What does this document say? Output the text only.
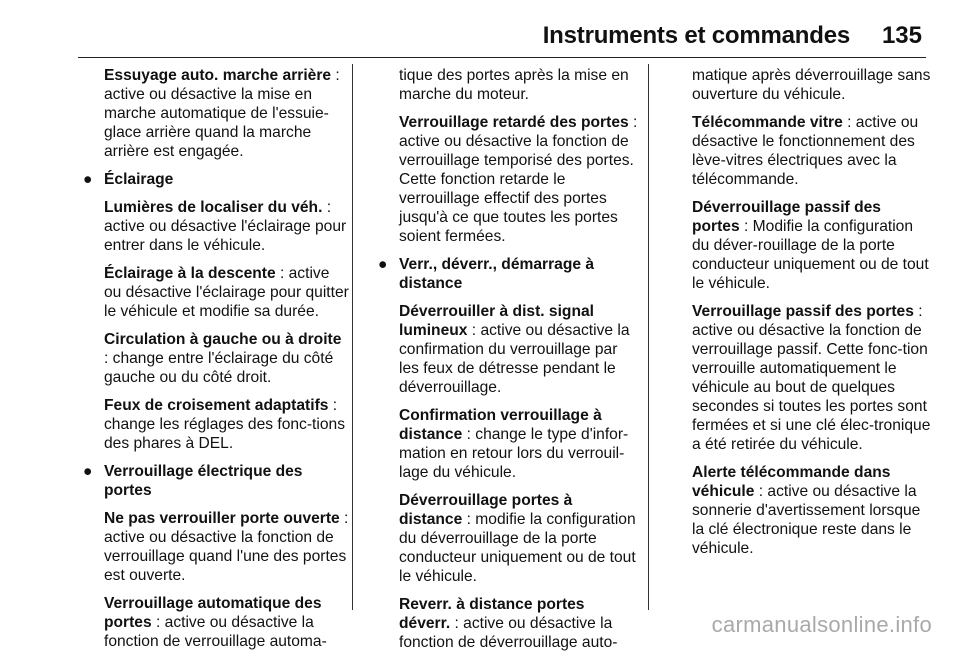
Instruments et commandes 135

Essuyage auto. marche arrière : active ou désactive la mise en marche automatique de l'essuie-glace arrière quand la marche arrière est engagée.

● Éclairage

Lumières de localiser du véh. : active ou désactive l'éclairage pour entrer dans le véhicule.

Éclairage à la descente : active ou désactive l'éclairage pour quitter le véhicule et modifie sa durée.

Circulation à gauche ou à droite : change entre l'éclairage du côté gauche ou du côté droit.

Feux de croisement adaptatifs : change les réglages des fonc-tions des phares à DEL.

● Verrouillage électrique des portes

Ne pas verrouiller porte ouverte : active ou désactive la fonction de verrouillage quand l'une des portes est ouverte.

Verrouillage automatique des portes : active ou désactive la fonction de verrouillage automa-

tique des portes après la mise en marche du moteur.

Verrouillage retardé des portes : active ou désactive la fonction de verrouillage temporisé des portes. Cette fonction retarde le verrouillage effectif des portes jusqu'à ce que toutes les portes soient fermées.

● Verr., déverr., démarrage à distance

Déverrouiller à dist. signal lumineux : active ou désactive la confirmation du verrouillage par les feux de détresse pendant le déverrouillage.

Confirmation verrouillage à distance : change le type d'infor-mation en retour lors du verrouil-lage du véhicule.

Déverrouillage portes à distance : modifie la configuration du déverrouillage de la porte conducteur uniquement ou de tout le véhicule.

Reverr. à distance portes déverr. : active ou désactive la fonction de déverrouillage auto-

matique après déverrouillage sans ouverture du véhicule.

Télécommande vitre : active ou désactive le fonctionnement des lève-vitres électriques avec la télécommande.

Déverrouillage passif des portes : Modifie la configuration du déver-rouillage de la porte conducteur uniquement ou de tout le véhicule.

Verrouillage passif des portes : active ou désactive la fonction de verrouillage passif. Cette fonc-tion verrouille automatiquement le véhicule au bout de quelques secondes si toutes les portes sont fermées et si une clé élec-tronique a été retirée du véhicule.

Alerte télécommande dans véhicule : active ou désactive la sonnerie d'avertissement lorsque la clé électronique reste dans le véhicule.

carmanualsonline.info
